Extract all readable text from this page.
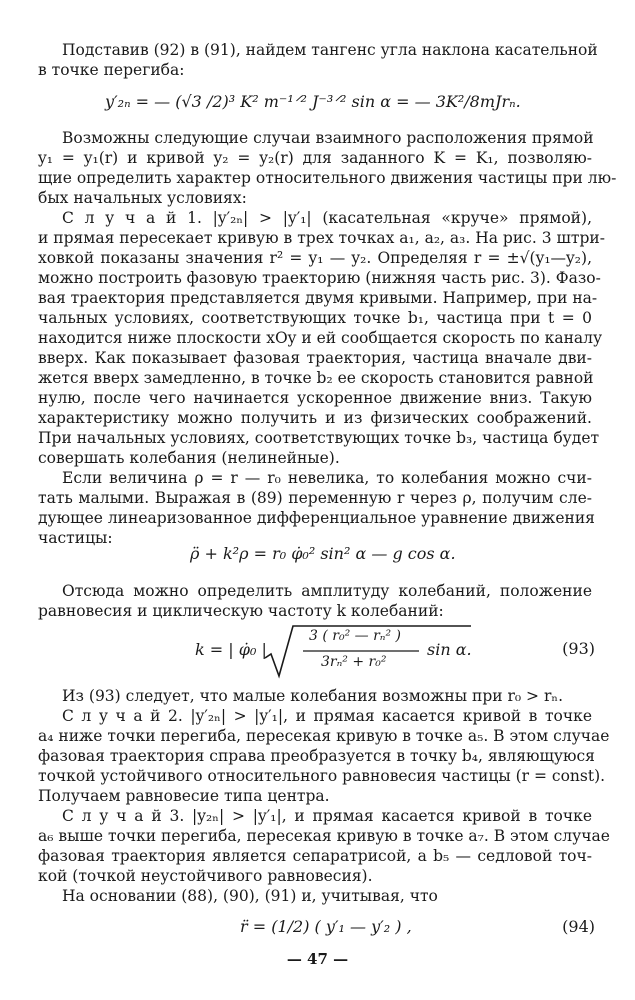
Подставив (92) в (91), найдем тангенс угла наклона касательной
в точке перегиба:
y′₂ₙ = — (√3 /2)³ K² m⁻¹ᐟ² J⁻³ᐟ² sin α = — 3K²/8mJrₙ.
Возможны следующие случаи взаимного расположения прямой
y₁ = y₁(r) и кривой y₂ = y₂(r) для заданного K = K₁, позволяю-
щие определить характер относительного движения частицы при лю-
бых начальных условиях:
С л у ч а й 1. |y′₂ₙ| > |y′₁| (касательная «круче» прямой),
и прямая пересекает кривую в трех точках a₁, a₂, a₃. На рис. 3 штри-
ховкой показаны значения r² = y₁ — y₂. Определяя r = ±√(y₁—y₂),
можно построить фазовую траекторию (нижняя часть рис. 3). Фазо-
вая траектория представляется двумя кривыми. Например, при на-
чальных условиях, соответствующих точке b₁, частица при t = 0
находится ниже плоскости xOy и ей сообщается скорость по каналу
вверх. Как показывает фазовая траектория, частица вначале дви-
жется вверх замедленно, в точке b₂ ее скорость становится равной
нулю, после чего начинается ускоренное движение вниз. Такую
характеристику можно получить и из физических соображений.
При начальных условиях, соответствующих точке b₃, частица будет
совершать колебания (нелинейные).
Если величина ρ = r — r₀ невелика, то колебания можно счи-
тать малыми. Выражая в (89) переменную r через ρ, получим сле-
дующее линеаризованное дифференциальное уравнение движения
частицы:
ρ̈ + k²ρ = r₀ φ̇₀² sin² α — g cos α.
Отсюда можно определить амплитуду колебаний, положение
равновесия и циклическую частоту k колебаний:
k = | φ̇₀ |
3 ( r₀² — rₙ² )
3rₙ² + r₀²
sin α.	(93)
Из (93) следует, что малые колебания возможны при r₀ > rₙ.
С л у ч а й 2. |y′₂ₙ| > |y′₁|, и прямая касается кривой в точке
a₄ ниже точки перегиба, пересекая кривую в точке a₅. В этом случае
фазовая траектория справа преобразуется в точку b₄, являющуюся
точкой устойчивого относительного равновесия частицы (r = const).
Получаем равновесие типа центра.
С л у ч а й 3. |y₂ₙ| > |y′₁|, и прямая касается кривой в точке
a₆ выше точки перегиба, пересекая кривую в точке a₇. В этом случае
фазовая траектория является сепаратрисой, а b₅ — седловой точ-
кой (точкой неустойчивого равновесия).
На основании (88), (90), (91) и, учитывая, что
r̈ = (1/2) ( y′₁ — y′₂ ) ,	(94)
— 47 —
